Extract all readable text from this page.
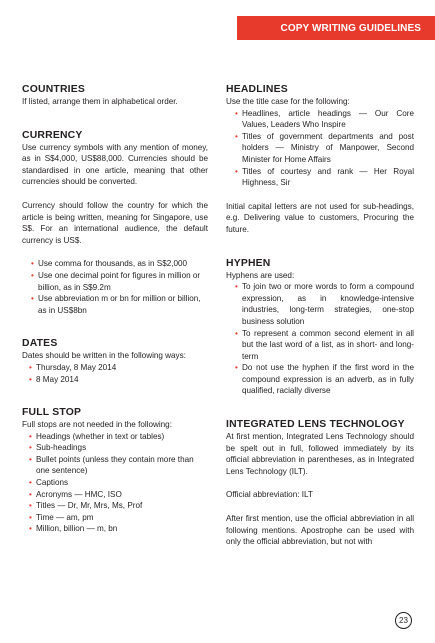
COPY WRITING GUIDELINES
COUNTRIES

If listed, arrange them in alphabetical order.

CURRENCY

Use currency symbols with any mention of money, as in S$4,000, US$88,000. Currencies should be standardised in one article, meaning that other currencies should be converted.

Currency should follow the country for which the article is being written, meaning for Singapore, use S$. For an international audience, the default currency is US$.

• Use comma for thousands, as in S$2,000
• Use one decimal point for figures in million or billion, as in S$9.2m
• Use abbreviation m or bn for million or billion, as in US$8bn
DATES

Dates should be written in the following ways:

• Thursday, 8 May 2014
• 8 May 2014
FULL STOP

Full stops are not needed in the following:

• Headings (whether in text or tables)
• Sub-headings
• Bullet points (unless they contain more than one sentence)
• Captions
• Acronyms — HMC, ISO
• Titles — Dr, Mr, Mrs, Ms, Prof
• Time — am, pm
• Million, billion — m, bn
HEADLINES

Use the title case for the following:

• Headlines, article headings — Our Core Values, Leaders Who Inspire
• Titles of government departments and post holders — Ministry of Manpower, Second Minister for Home Affairs
• Titles of courtesy and rank — Her Royal Highness, Sir

Initial capital letters are not used for sub-headings, e.g. Delivering value to customers, Procuring the future.

HYPHEN

Hyphens are used:

• To join two or more words to form a compound expression, as in knowledge-intensive industries, long-term strategies, one-stop business solution
• To represent a common second element in all but the last word of a list, as in short- and long-term
• Do not use the hyphen if the first word in the compound expression is an adverb, as in fully qualified, racially diverse
INTEGRATED LENS TECHNOLOGY

At first mention, Integrated Lens Technology should be spelt out in full, followed immediately by its official abbreviation in parentheses, as in Integrated Lens Technology (ILT).

Official abbreviation: ILT

After first mention, use the official abbreviation in all following mentions. Apostrophe can be used with only the official abbreviation, but not with

23
